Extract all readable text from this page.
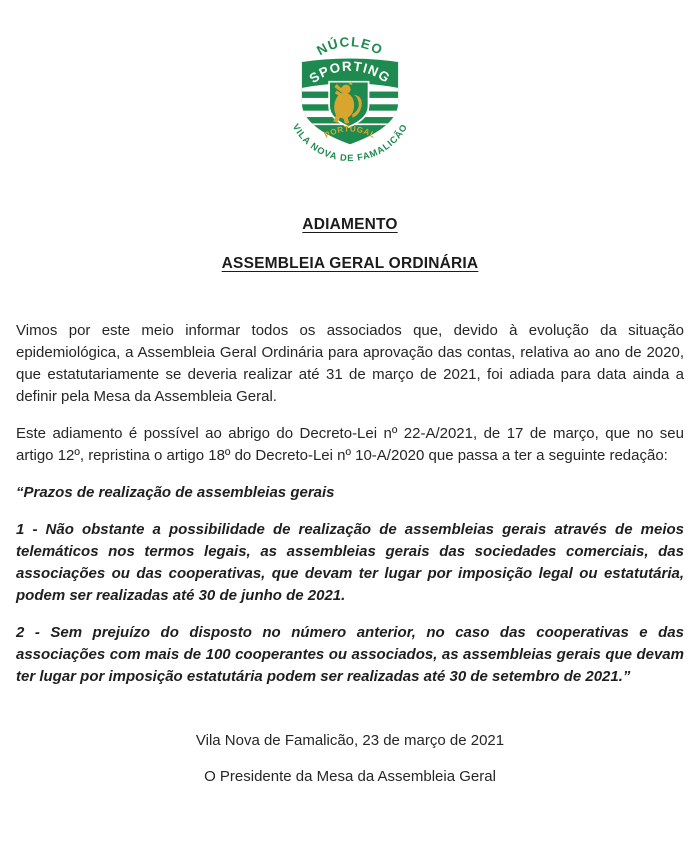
SPORTING
PORTUGAL
NÚCLEO
VILA NOVA DE FAMALICÃO
ADIAMENTO
ASSEMBLEIA GERAL ORDINÁRIA

Vimos por este meio informar todos os associados que, devido à evolução da situação epidemiológica, a Assembleia Geral Ordinária para aprovação das contas, relativa ao ano de 2020, que estatutariamente se deveria realizar até 31 de março de 2021, foi adiada para data ainda a definir pela Mesa da Assembleia Geral.

Este adiamento é possível ao abrigo do Decreto-Lei nº 22-A/2021, de 17 de março, que no seu artigo 12º, repristina o artigo 18º do Decreto-Lei nº 10-A/2020 que passa a ter a seguinte redação:

“Prazos de realização de assembleias gerais

1 - Não obstante a possibilidade de realização de assembleias gerais através de meios telemáticos nos termos legais, as assembleias gerais das sociedades comerciais, das associações ou das cooperativas, que devam ter lugar por imposição legal ou estatutária, podem ser realizadas até 30 de junho de 2021.

2 - Sem prejuízo do disposto no número anterior, no caso das cooperativas e das associações com mais de 100 cooperantes ou associados, as assembleias gerais que devam ter lugar por imposição estatutária podem ser realizadas até 30 de setembro de 2021.”

Vila Nova de Famalicão, 23 de março de 2021

O Presidente da Mesa da Assembleia Geral
